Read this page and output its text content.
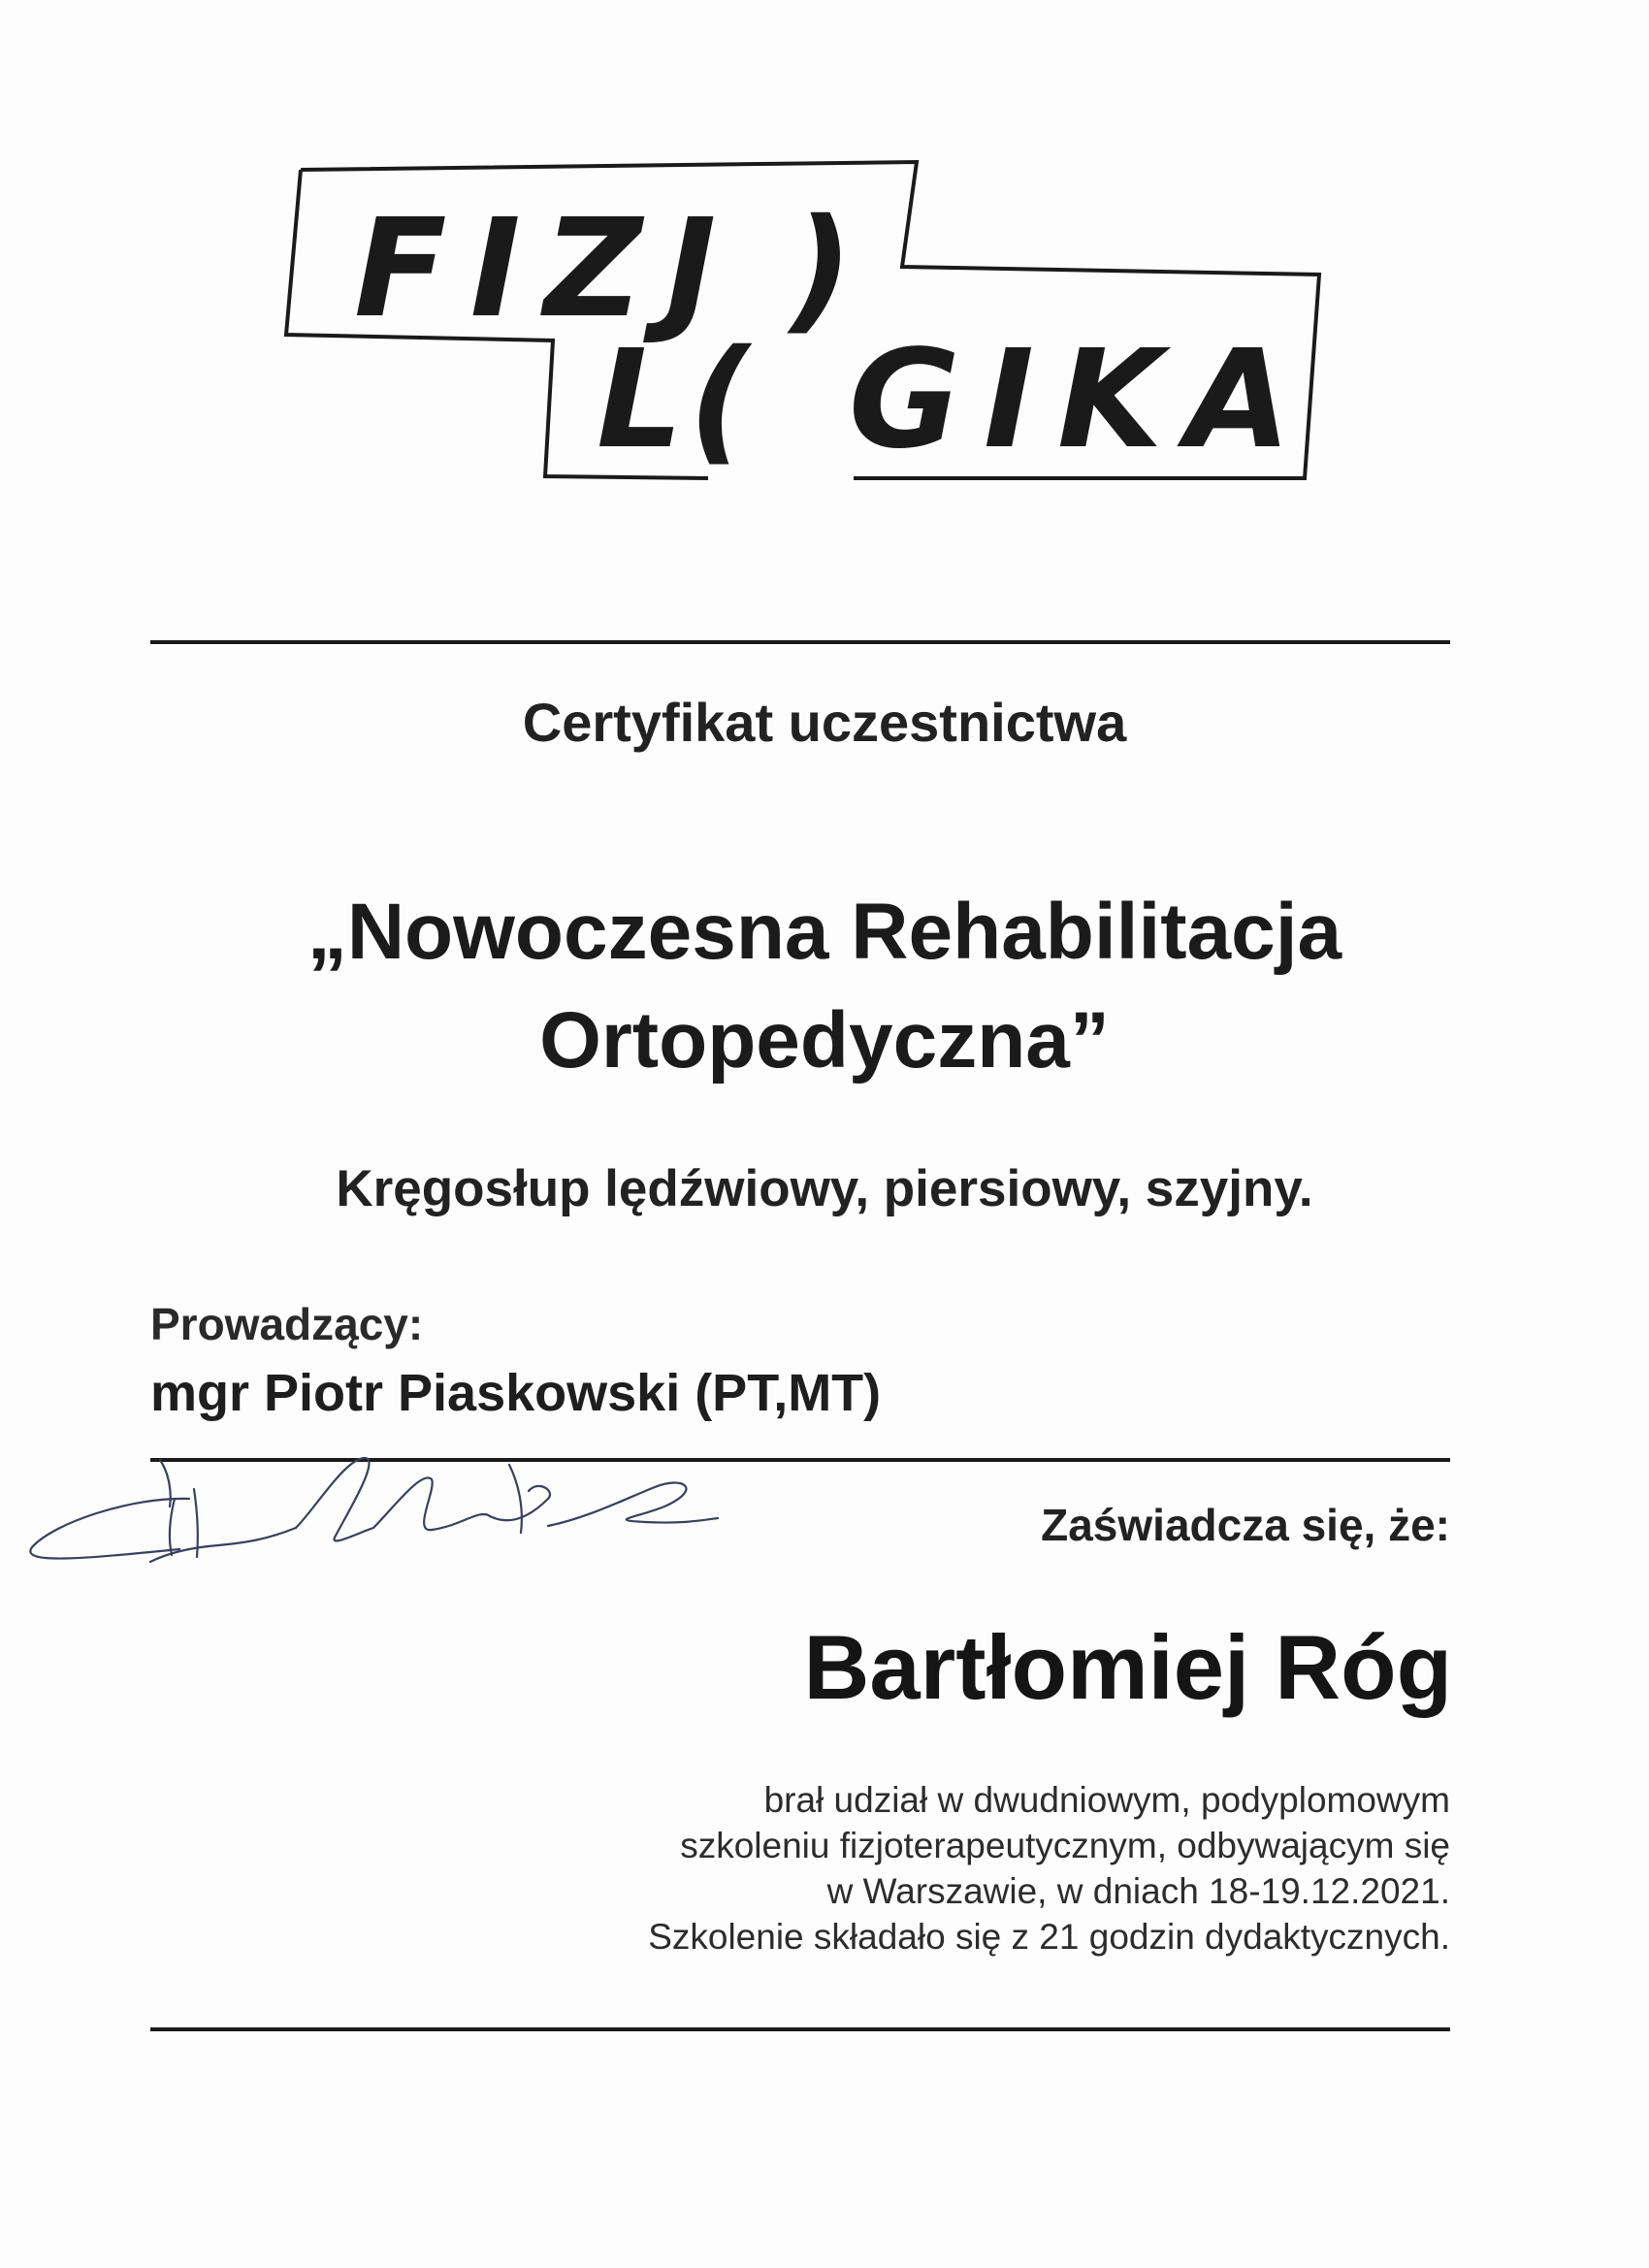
FIZJ )
L
( GIKA
Certyfikat uczestnictwa
„Nowoczesna Rehabilitacja
Ortopedyczna”
Kręgosłup lędźwiowy, piersiowy, szyjny.
Prowadzący:
mgr Piotr Piaskowski (PT,MT)
Zaświadcza się, że:
Bartłomiej Róg
brał udział w dwudniowym, podyplomowym
szkoleniu fizjoterapeutycznym, odbywającym się
w Warszawie, w dniach 18-19.12.2021.
Szkolenie składało się z 21 godzin dydaktycznych.
